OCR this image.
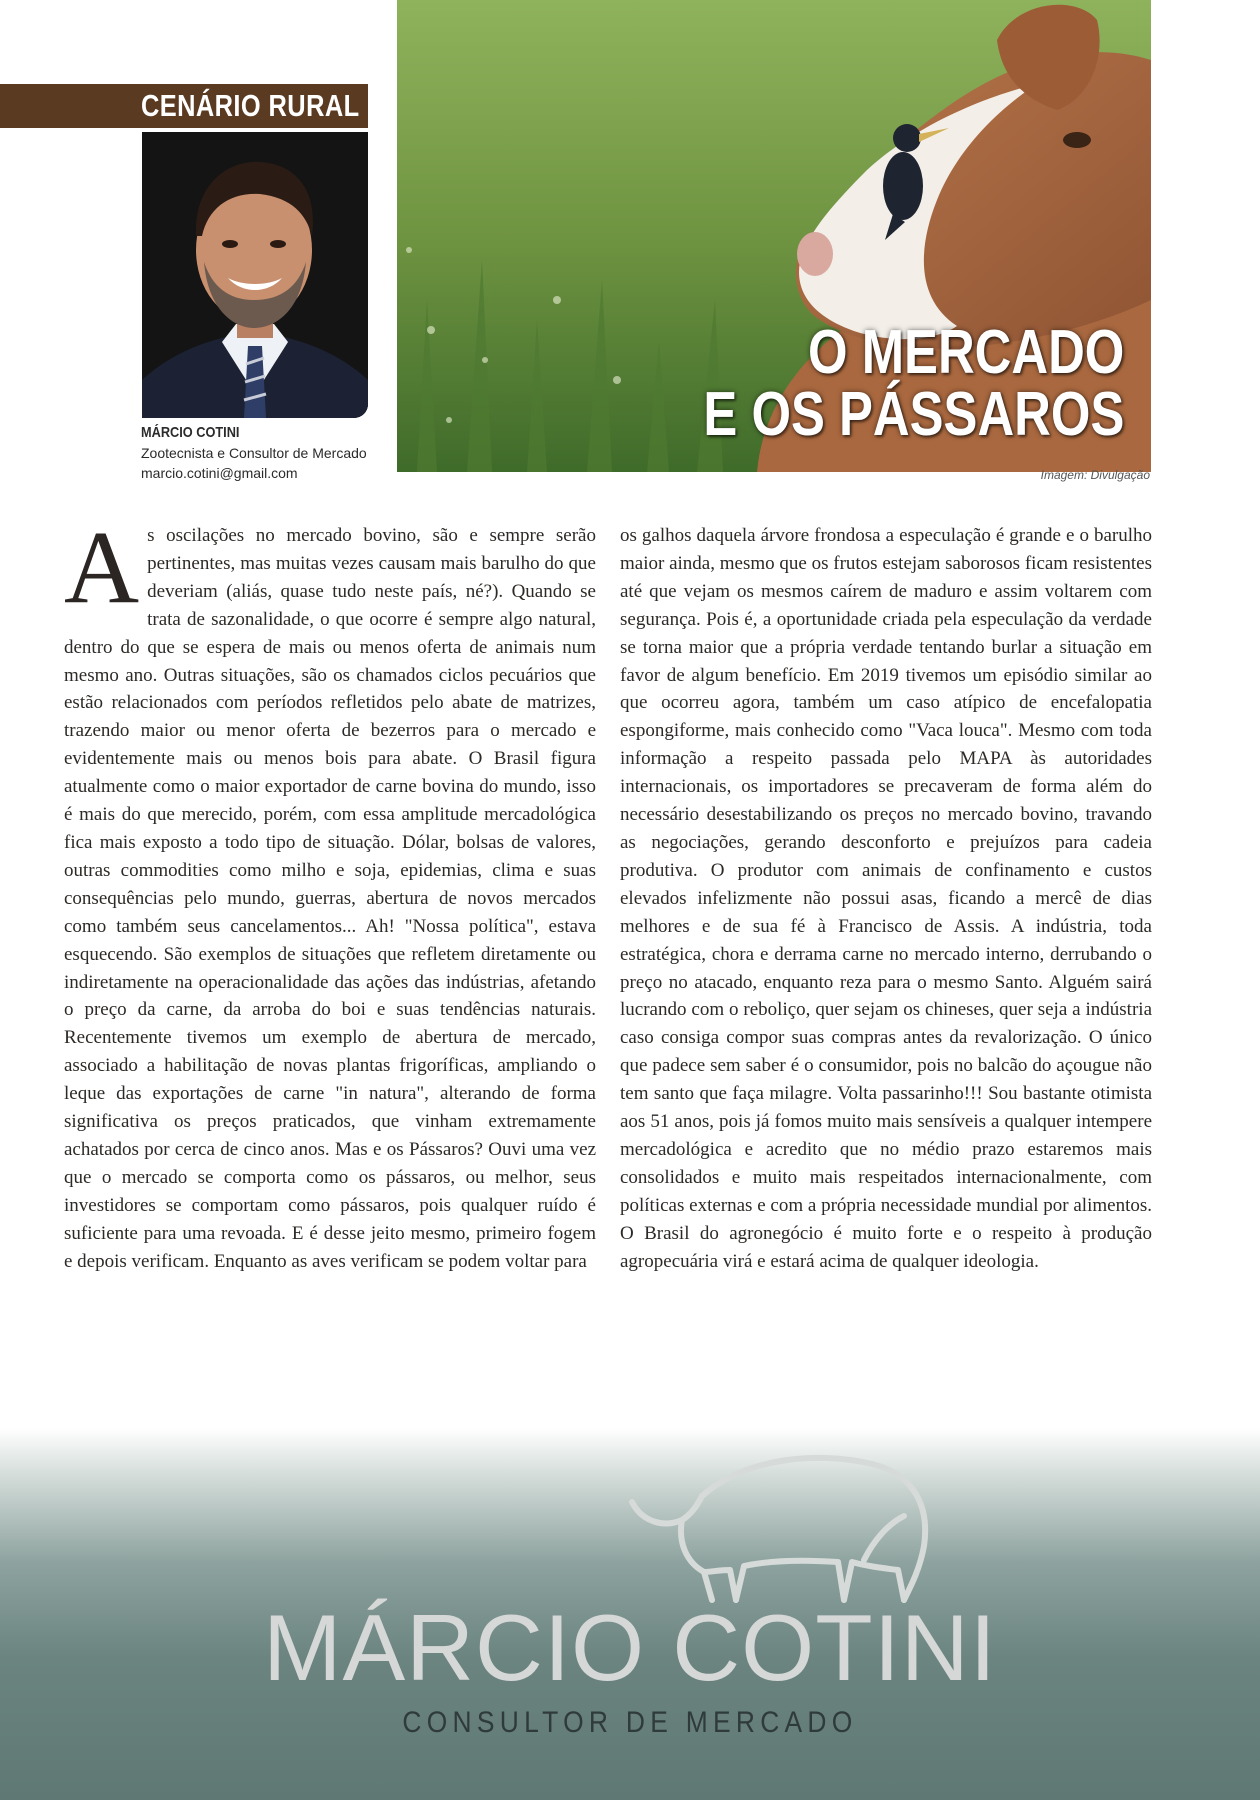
CENÁRIO RURAL
MÁRCIO COTINI
Zootecnista e Consultor de Mercado
marcio.cotini@gmail.com
O MERCADO
E OS PÁSSAROS
Imagem: Divulgação
A s oscilações no mercado bovino, são e sempre serão pertinentes, mas muitas vezes causam mais barulho do que deveriam (aliás, quase tudo neste país, né?). Quando se trata de sazonalidade, o que ocorre é sempre algo natural, dentro do que se espera de mais ou menos oferta de animais num mesmo ano. Outras situações, são os chamados ciclos pecuários que estão relacionados com períodos refletidos pelo abate de matrizes, trazendo maior ou menor oferta de bezerros para o mercado e evidentemente mais ou menos bois para abate. O Brasil figura atualmente como o maior exportador de carne bovina do mundo, isso é mais do que merecido, porém, com essa amplitude mercadológica fica mais exposto a todo tipo de situação. Dólar, bolsas de valores, outras commodities como milho e soja, epidemias, clima e suas consequências pelo mundo, guerras, abertura de novos mercados como também seus cancelamentos... Ah! "Nossa política", estava esquecendo. São exemplos de situações que refletem diretamente ou indiretamente na operacionalidade das ações das indústrias, afetando o preço da carne, da arroba do boi e suas tendências naturais. Recentemente tivemos um exemplo de abertura de mercado, associado a habilitação de novas plantas frigoríficas, ampliando o leque das exportações de carne "in natura", alterando de forma significativa os preços praticados, que vinham extremamente achatados por cerca de cinco anos. Mas e os Pássaros? Ouvi uma vez que o mercado se comporta como os pássaros, ou melhor, seus investidores se comportam como pássaros, pois qualquer ruído é suficiente para uma revoada. E é desse jeito mesmo, primeiro fogem e depois verificam. Enquanto as aves verificam se podem voltar para

os galhos daquela árvore frondosa a especulação é grande e o barulho maior ainda, mesmo que os frutos estejam saborosos ficam resistentes até que vejam os mesmos caírem de maduro e assim voltarem com segurança. Pois é, a oportunidade criada pela especulação da verdade se torna maior que a própria verdade tentando burlar a situação em favor de algum benefício. Em 2019 tivemos um episódio similar ao que ocorreu agora, também um caso atípico de encefalopatia espongiforme, mais conhecido como "Vaca louca". Mesmo com toda informação a respeito passada pelo MAPA às autoridades internacionais, os importadores se precaveram de forma além do necessário desestabilizando os preços no mercado bovino, travando as negociações, gerando desconforto e prejuízos para cadeia produtiva. O produtor com animais de confinamento e custos elevados infelizmente não possui asas, ficando a mercê de dias melhores e de sua fé à Francisco de Assis. A indústria, toda estratégica, chora e derrama carne no mercado interno, derrubando o preço no atacado, enquanto reza para o mesmo Santo. Alguém sairá lucrando com o reboliço, quer sejam os chineses, quer seja a indústria caso consiga compor suas compras antes da revalorização. O único que padece sem saber é o consumidor, pois no balcão do açougue não tem santo que faça milagre. Volta passarinho!!! Sou bastante otimista aos 51 anos, pois já fomos muito mais sensíveis a qualquer intempere mercadológica e acredito que no médio prazo estaremos mais consolidados e muito mais respeitados internacionalmente, com políticas externas e com a própria necessidade mundial por alimentos. O Brasil do agronegócio é muito forte e o respeito à produção agropecuária virá e estará acima de qualquer ideologia.

MÁRCIO COTINI
CONSULTOR DE MERCADO
